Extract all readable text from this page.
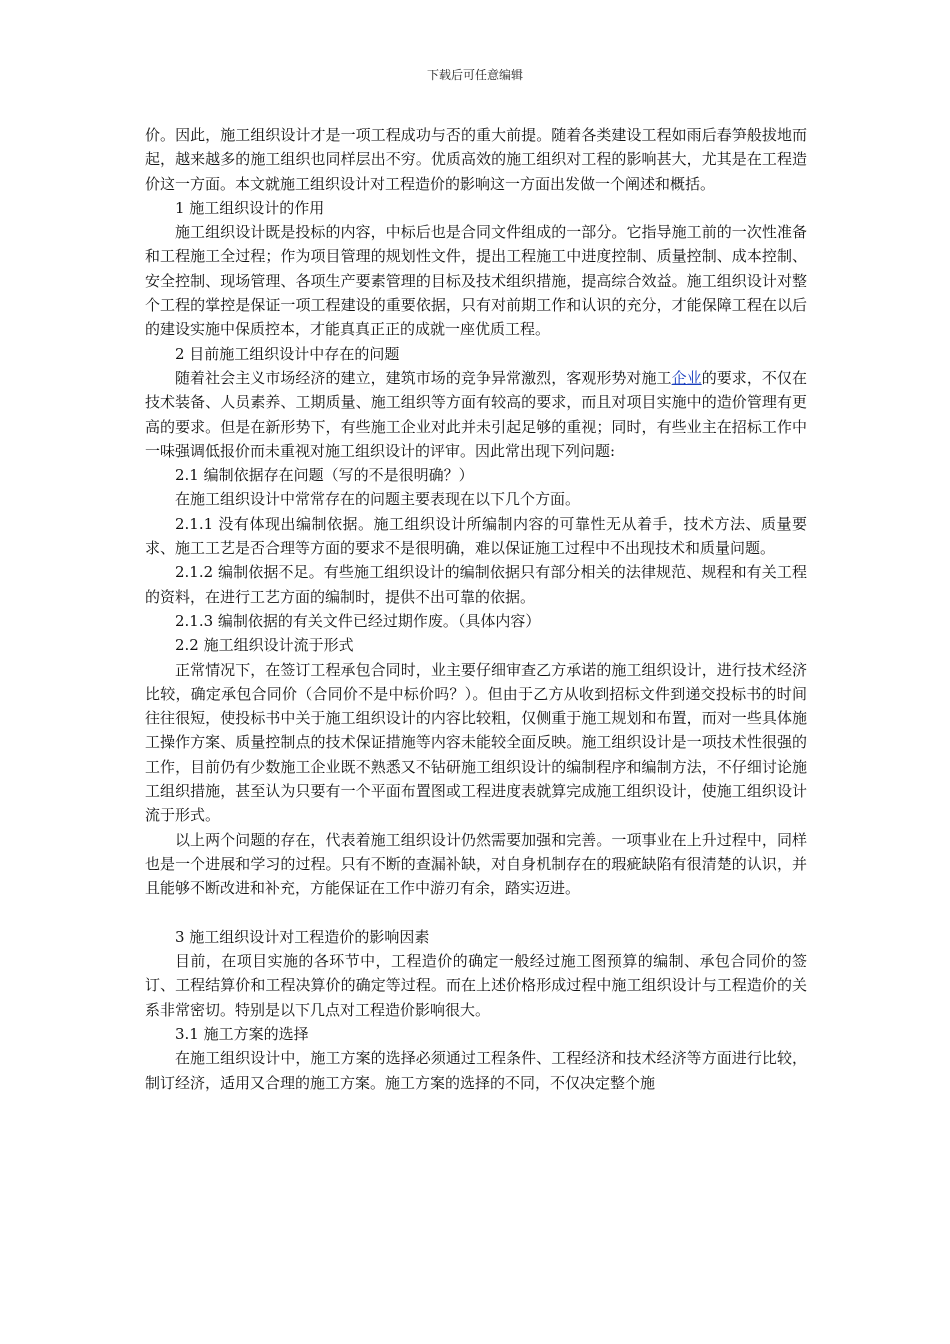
下载后可任意编辑

价。因此，施工组织设计才是一项工程成功与否的重大前提。随着各类建设工程如雨后春笋般拔地而起，越来越多的施工组织也同样层出不穷。优质高效的施工组织对工程的影响甚大，尤其是在工程造价这一方面。本文就施工组织设计对工程造价的影响这一方面出发做一个阐述和概括。

1 施工组织设计的作用

施工组织设计既是投标的内容，中标后也是合同文件组成的一部分。它指导施工前的一次性准备和工程施工全过程；作为项目管理的规划性文件，提出工程施工中进度控制、质量控制、成本控制、安全控制、现场管理、各项生产要素管理的目标及技术组织措施，提高综合效益。施工组织设计对整个工程的掌控是保证一项工程建设的重要依据，只有对前期工作和认识的充分，才能保障工程在以后的建设实施中保质控本，才能真真正正的成就一座优质工程。

2 目前施工组织设计中存在的问题

随着社会主义市场经济的建立，建筑市场的竞争异常激烈，客观形势对施工企业的要求，不仅在技术装备、人员素养、工期质量、施工组织等方面有较高的要求，而且对项目实施中的造价管理有更高的要求。但是在新形势下，有些施工企业对此并未引起足够的重视；同时，有些业主在招标工作中一味强调低报价而未重视对施工组织设计的评审。因此常出现下列问题:

2.1 编制依据存在问题（写的不是很明确？）

在施工组织设计中常常存在的问题主要表现在以下几个方面。

2.1.1 没有体现出编制依据。施工组织设计所编制内容的可靠性无从着手，技术方法、质量要求、施工工艺是否合理等方面的要求不是很明确，难以保证施工过程中不出现技术和质量问题。

2.1.2 编制依据不足。有些施工组织设计的编制依据只有部分相关的法律规范、规程和有关工程的资料，在进行工艺方面的编制时，提供不出可靠的依据。

2.1.3 编制依据的有关文件已经过期作废。（具体内容）

2.2 施工组织设计流于形式

正常情况下，在签订工程承包合同时，业主要仔细审查乙方承诺的施工组织设计，进行技术经济比较，确定承包合同价（合同价不是中标价吗？）。但由于乙方从收到招标文件到递交投标书的时间往往很短，使投标书中关于施工组织设计的内容比较粗，仅侧重于施工规划和布置，而对一些具体施工操作方案、质量控制点的技术保证措施等内容未能较全面反映。施工组织设计是一项技术性很强的工作，目前仍有少数施工企业既不熟悉又不钻研施工组织设计的编制程序和编制方法，不仔细讨论施工组织措施，甚至认为只要有一个平面布置图或工程进度表就算完成施工组织设计，使施工组织设计流于形式。

以上两个问题的存在，代表着施工组织设计仍然需要加强和完善。一项事业在上升过程中，同样也是一个进展和学习的过程。只有不断的查漏补缺，对自身机制存在的瑕疵缺陷有很清楚的认识，并且能够不断改进和补充，方能保证在工作中游刃有余，踏实迈进。

3 施工组织设计对工程造价的影响因素

目前，在项目实施的各环节中，工程造价的确定一般经过施工图预算的编制、承包合同价的签订、工程结算价和工程决算价的确定等过程。而在上述价格形成过程中施工组织设计与工程造价的关系非常密切。特别是以下几点对工程造价影响很大。

3.1 施工方案的选择

在施工组织设计中，施工方案的选择必须通过工程条件、工程经济和技术经济等方面进行比较，制订经济，适用又合理的施工方案。施工方案的选择的不同，不仅决定整个施
